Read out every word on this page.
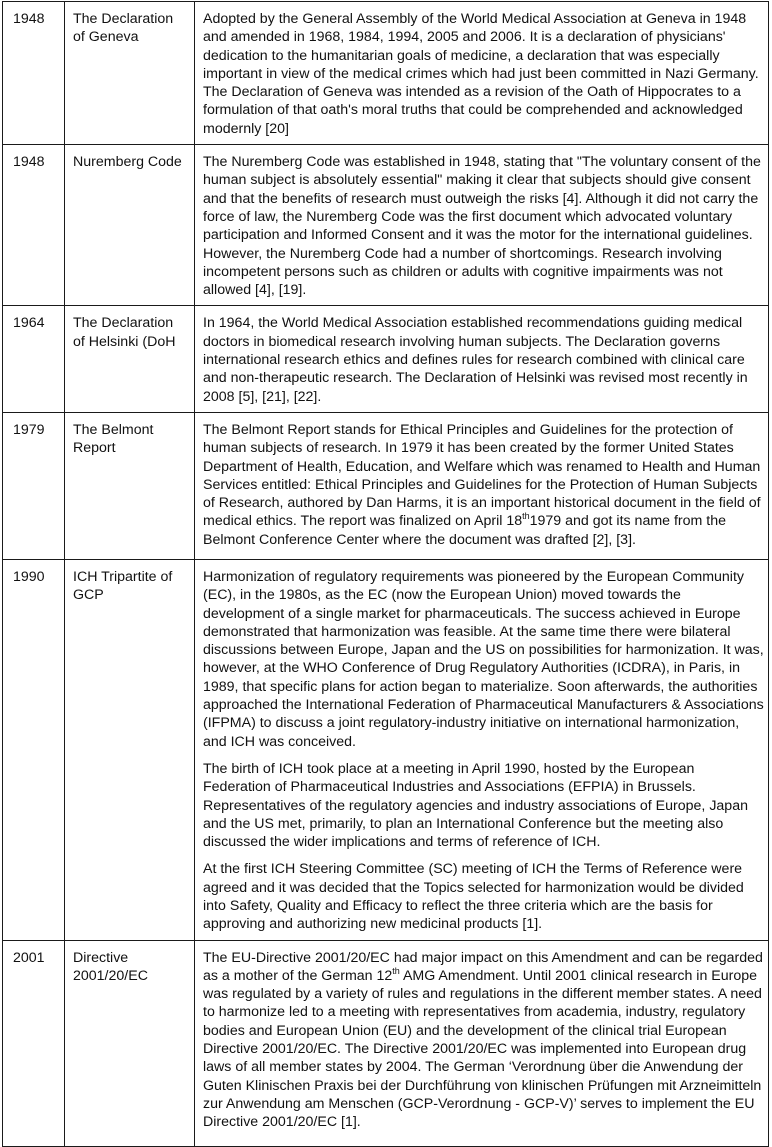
1948	The Declaration of Geneva	Adopted by the General Assembly of the World Medical Association at Geneva in 1948 and amended in 1968, 1984, 1994, 2005 and 2006. It is a declaration of physicians' dedication to the humanitarian goals of medicine, a declaration that was especially important in view of the medical crimes which had just been committed in Nazi Germany. The Declaration of Geneva was intended as a revision of the Oath of Hippocrates to a formulation of that oath's moral truths that could be comprehended and acknowledged modernly [20]

1948	Nuremberg Code	The Nuremberg Code was established in 1948, stating that "The voluntary consent of the human subject is absolutely essential" making it clear that subjects should give consent and that the benefits of research must outweigh the risks [4]. Although it did not carry the force of law, the Nuremberg Code was the first document which advocated voluntary participation and Informed Consent and it was the motor for the international guidelines. However, the Nuremberg Code had a number of shortcomings. Research involving incompetent persons such as children or adults with cognitive impairments was not allowed [4], [19].

1964	The Declaration of Helsinki (DoH	In 1964, the World Medical Association established recommendations guiding medical doctors in biomedical research involving human subjects. The Declaration governs international research ethics and defines rules for research combined with clinical care and non-therapeutic research. The Declaration of Helsinki was revised most recently in 2008 [5], [21], [22].

1979	The Belmont Report	The Belmont Report stands for Ethical Principles and Guidelines for the protection of human subjects of research. In 1979 it has been created by the former United States Department of Health, Education, and Welfare which was renamed to Health and Human Services entitled: Ethical Principles and Guidelines for the Protection of Human Subjects of Research, authored by Dan Harms, it is an important historical document in the field of medical ethics. The report was finalized on April 18th1979 and got its name from the Belmont Conference Center where the document was drafted [2], [3].

1990	ICH Tripartite of GCP	Harmonization of regulatory requirements was pioneered by the European Community (EC), in the 1980s, as the EC (now the European Union) moved towards the development of a single market for pharmaceuticals. The success achieved in Europe demonstrated that harmonization was feasible. At the same time there were bilateral discussions between Europe, Japan and the US on possibilities for harmonization. It was, however, at the WHO Conference of Drug Regulatory Authorities (ICDRA), in Paris, in 1989, that specific plans for action began to materialize. Soon afterwards, the authorities approached the International Federation of Pharmaceutical Manufacturers & Associations (IFPMA) to discuss a joint regulatory-industry initiative on international harmonization, and ICH was conceived.

The birth of ICH took place at a meeting in April 1990, hosted by the European Federation of Pharmaceutical Industries and Associations (EFPIA) in Brussels. Representatives of the regulatory agencies and industry associations of Europe, Japan and the US met, primarily, to plan an International Conference but the meeting also discussed the wider implications and terms of reference of ICH.

At the first ICH Steering Committee (SC) meeting of ICH the Terms of Reference were agreed and it was decided that the Topics selected for harmonization would be divided into Safety, Quality and Efficacy to reflect the three criteria which are the basis for approving and authorizing new medicinal products [1].

2001	Directive 2001/20/EC	The EU-Directive 2001/20/EC had major impact on this Amendment and can be regarded as a mother of the German 12th AMG Amendment. Until 2001 clinical research in Europe was regulated by a variety of rules and regulations in the different member states. A need to harmonize led to a meeting with representatives from academia, industry, regulatory bodies and European Union (EU) and the development of the clinical trial European Directive 2001/20/EC. The Directive 2001/20/EC was implemented into European drug laws of all member states by 2004. The German ‘Verordnung über die Anwendung der Guten Klinischen Praxis bei der Durchführung von klinischen Prüfungen mit Arzneimitteln zur Anwendung am Menschen (GCP-Verordnung - GCP-V)’ serves to implement the EU Directive 2001/20/EC [1].
